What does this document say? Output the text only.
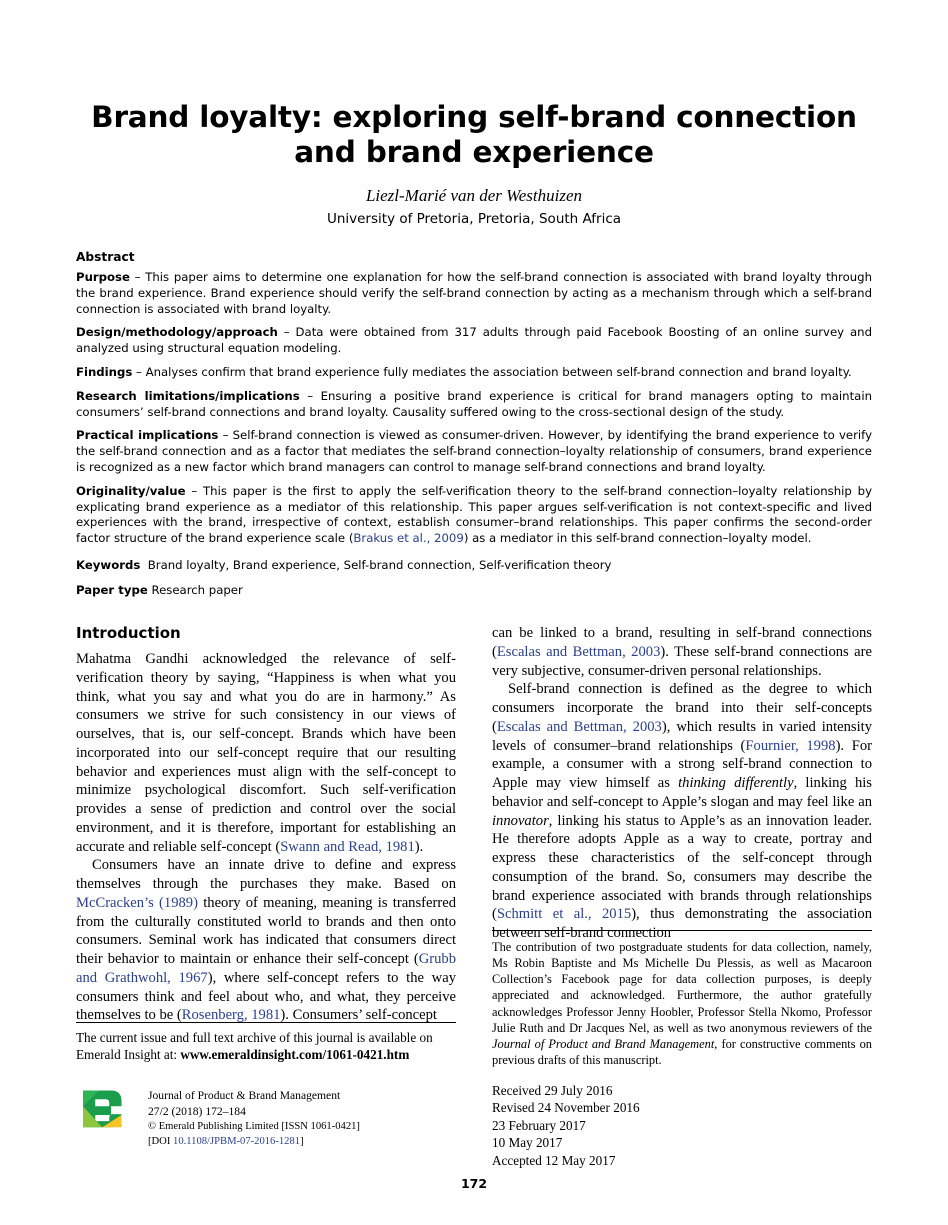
Brand loyalty: exploring self-brand connection and brand experience
Liezl-Marié van der Westhuizen
University of Pretoria, Pretoria, South Africa
Abstract

Purpose – This paper aims to determine one explanation for how the self-brand connection is associated with brand loyalty through the brand experience. Brand experience should verify the self-brand connection by acting as a mechanism through which a self-brand connection is associated with brand loyalty.

Design/methodology/approach – Data were obtained from 317 adults through paid Facebook Boosting of an online survey and analyzed using structural equation modeling.

Findings – Analyses confirm that brand experience fully mediates the association between self-brand connection and brand loyalty.

Research limitations/implications – Ensuring a positive brand experience is critical for brand managers opting to maintain consumers’ self-brand connections and brand loyalty. Causality suffered owing to the cross-sectional design of the study.

Practical implications – Self-brand connection is viewed as consumer-driven. However, by identifying the brand experience to verify the self-brand connection and as a factor that mediates the self-brand connection–loyalty relationship of consumers, brand experience is recognized as a new factor which brand managers can control to manage self-brand connections and brand loyalty.

Originality/value – This paper is the first to apply the self-verification theory to the self-brand connection–loyalty relationship by explicating brand experience as a mediator of this relationship. This paper argues self-verification is not context-specific and lived experiences with the brand, irrespective of context, establish consumer–brand relationships. This paper confirms the second-order factor structure of the brand experience scale (Brakus et al., 2009) as a mediator in this self-brand connection–loyalty model.

Keywords Brand loyalty, Brand experience, Self-brand connection, Self-verification theory
Paper type Research paper
Introduction

Mahatma Gandhi acknowledged the relevance of self-verification theory by saying, “Happiness is when what you think, what you say and what you do are in harmony.” As consumers we strive for such consistency in our views of ourselves, that is, our self-concept. Brands which have been incorporated into our self-concept require that our resulting behavior and experiences must align with the self-concept to minimize psychological discomfort. Such self-verification provides a sense of prediction and control over the social environment, and it is therefore, important for establishing an accurate and reliable self-concept (Swann and Read, 1981).

Consumers have an innate drive to define and express themselves through the purchases they make. Based on McCracken’s (1989) theory of meaning, meaning is transferred from the culturally constituted world to brands and then onto consumers. Seminal work has indicated that consumers direct their behavior to maintain or enhance their self-concept (Grubb and Grathwohl, 1967), where self-concept refers to the way consumers think and feel about who, and what, they perceive themselves to be (Rosenberg, 1981). Consumers’ self-concept

can be linked to a brand, resulting in self-brand connections (Escalas and Bettman, 2003). These self-brand connections are very subjective, consumer-driven personal relationships.

Self-brand connection is defined as the degree to which consumers incorporate the brand into their self-concepts (Escalas and Bettman, 2003), which results in varied intensity levels of consumer–brand relationships (Fournier, 1998). For example, a consumer with a strong self-brand connection to Apple may view himself as thinking differently, linking his behavior and self-concept to Apple’s slogan and may feel like an innovator, linking his status to Apple’s as an innovation leader. He therefore adopts Apple as a way to create, portray and express these characteristics of the self-concept through consumption of the brand. So, consumers may describe the brand experience associated with brands through relationships (Schmitt et al., 2015), thus demonstrating the association between self-brand connection

The current issue and full text archive of this journal is available on
Emerald Insight at: www.emeraldinsight.com/1061-0421.htm
Journal of Product & Brand Management
27/2 (2018) 172–184
© Emerald Publishing Limited [ISSN 1061-0421]
[DOI 10.1108/JPBM-07-2016-1281]
The contribution of two postgraduate students for data collection, namely, Ms Robin Baptiste and Ms Michelle Du Plessis, as well as Macaroon Collection’s Facebook page for data collection purposes, is deeply appreciated and acknowledged. Furthermore, the author gratefully acknowledges Professor Jenny Hoobler, Professor Stella Nkomo, Professor Julie Ruth and Dr Jacques Nel, as well as two anonymous reviewers of the Journal of Product and Brand Management, for constructive comments on previous drafts of this manuscript.
Received 29 July 2016
Revised 24 November 2016
23 February 2017
10 May 2017
Accepted 12 May 2017
172
